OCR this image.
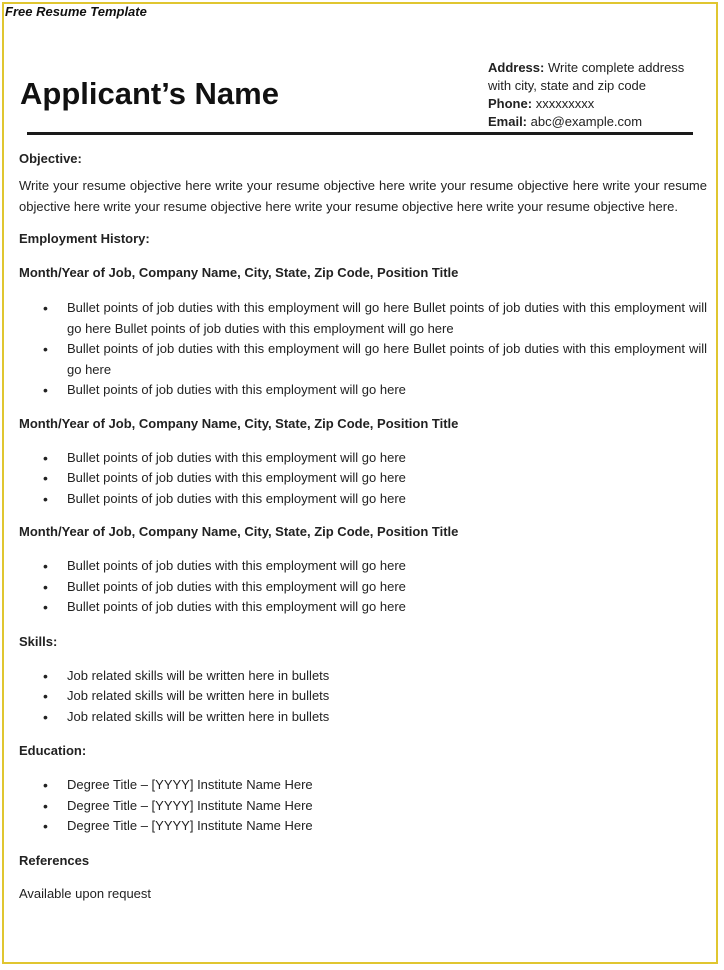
Free Resume Template
Applicant’s Name
Address: Write complete address
with city, state and zip code
Phone: xxxxxxxxx
Email: abc@example.com

Objective:

Write your resume objective here write your resume objective here write your resume objective here write your resume objective here write your resume objective here write your resume objective here write your resume objective here.

Employment History:

Month/Year of Job, Company Name, City, State, Zip Code, Position Title

• Bullet points of job duties with this employment will go here Bullet points of job duties with this employment will go here Bullet points of job duties with this employment will go here
• Bullet points of job duties with this employment will go here Bullet points of job duties with this employment will go here
• Bullet points of job duties with this employment will go here

Month/Year of Job, Company Name, City, State, Zip Code, Position Title

• Bullet points of job duties with this employment will go here
• Bullet points of job duties with this employment will go here
• Bullet points of job duties with this employment will go here

Month/Year of Job, Company Name, City, State, Zip Code, Position Title

• Bullet points of job duties with this employment will go here
• Bullet points of job duties with this employment will go here
• Bullet points of job duties with this employment will go here

Skills:

• Job related skills will be written here in bullets
• Job related skills will be written here in bullets
• Job related skills will be written here in bullets

Education:

• Degree Title – [YYYY] Institute Name Here
• Degree Title – [YYYY] Institute Name Here
• Degree Title – [YYYY] Institute Name Here

References

Available upon request
